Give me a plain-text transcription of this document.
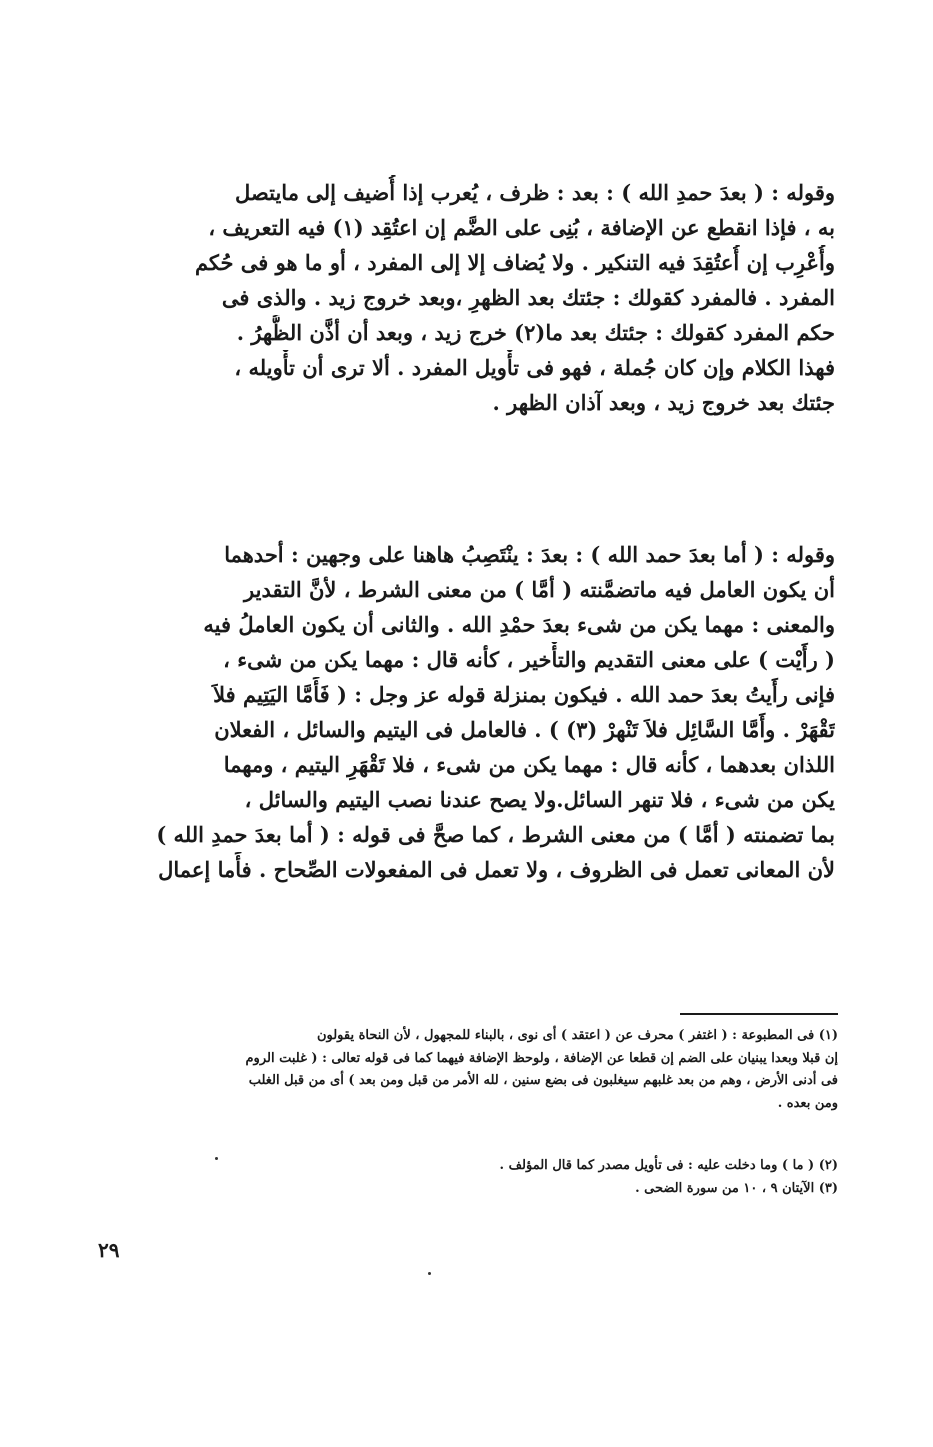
وقوله : ( بعدَ حمدِ الله ) : بعد : ظرف ، يُعرب إذا أُضيف إلى مايتصل
به ، فإذا انقطع عن الإضافة ، بُنِى على الضَّم إن اعتُقِد (١) فيه التعريف ،
وأُعْرِب إن أُعتُقِدَ فيه التنكير . ولا يُضاف إلا إلى المفرد ، أو ما هو فى حُكم
المفرد . فالمفرد كقولك : جئتك بعد الظهرِ ،وبعد خروج زيد . والذى فى
حكم المفرد كقولك : جئتك بعد ما(٢) خرج زيد ، وبعد أن أذَّن الظُّهرُ .
فهذا الكلام وإن كان جُملة ، فهو فى تأْويل المفرد . ألا ترى أن تأْويله ،
جئتك بعد خروج زيد ، وبعد آذان الظهر .
وقوله : ( أما بعدَ حمد الله ) : بعدَ : ينْتَصِبُ هاهنا على وجهين : أحدهما
أن يكون العامل فيه ماتضمَّنته ( أمَّا ) من معنى الشرط ، لأنَّ التقدير
والمعنى : مهما يكن من شىء بعدَ حمْدِ الله . والثانى أن يكون العاملُ فيه
( رأَيْت ) على معنى التقديم والتأْخير ، كأنه قال : مهما يكن من شىء ،
فإنى رأَيتُ بعدَ حمد الله . فيكون بمنزلة قوله عز وجل : ( فَأَمَّا اليَتِيم فلاَ
تَقْهَرْ . وأَمَّا السَّائِل فلاَ تَنْهرْ (٣) ) . فالعامل فى اليتيم والسائل ، الفعلان
اللذان بعدهما ، كأنه قال : مهما يكن من شىء ، فلا تَقْهَرِ اليتيم ، ومهما
يكن من شىء ، فلا تنهر السائل.ولا يصح عندنا نصب اليتيم والسائل ،
بما تضمنته ( أمَّا ) من معنى الشرط ، كما صحَّ فى قوله : ( أما بعدَ حمدِ الله )
لأن المعانى تعمل فى الظروف ، ولا تعمل فى المفعولات الصِّحاح . فأَما إعمال
(١) فى المطبوعة : ( اغتفر ) محرف عن ( اعتقد ) أى نوى ، بالبناء للمجهول ، لأن النحاة يقولون
إن قبلا وبعدا يبنيان على الضم إن قطعا عن الإضافة ، ولوحظ الإضافة فيهما كما فى قوله تعالى : ( غلبت الروم
فى أدنى الأرض ، وهم من بعد غلبهم سيغلبون فى بضع سنين ، لله الأمر من قبل ومن بعد ) أى من قبل الغلب
ومن بعده .
(٢) ( ما ) وما دخلت عليه : فى تأويل مصدر كما قال المؤلف .
(٣) الآيتان ٩ ، ١٠ من سورة الضحى .
٢٩
